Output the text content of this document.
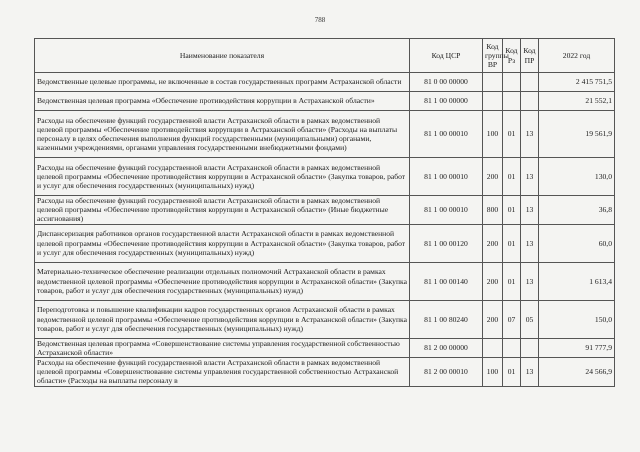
788
Наименование показателя	Код ЦСР	Код группы ВР	Код Рз	Код ПР	2022 год
Ведомственные целевые программы, не включенные в состав государственных программ Астраханской области	81 0 00 00000				2 415 751,5
Ведомственная целевая программа «Обеспечение противодействия коррупции в Астраханской области»	81 1 00 00000				21 552,1
Расходы на обеспечение функций государственной власти Астраханской области в рамках ведомственной целевой программы «Обеспечение противодействия коррупции в Астраханской области» (Расходы на выплаты персоналу в целях обеспечения выполнения функций государственными (муниципальными) органами, казенными учреждениями, органами управления государственными внебюджетными фондами)	81 1 00 00010	100	01	13	19 561,9
Расходы на обеспечение функций государственной власти Астраханской области в рамках ведомственной целевой программы «Обеспечение противодействия коррупции в Астраханской области» (Закупка товаров, работ и услуг для обеспечения государственных (муниципальных) нужд)	81 1 00 00010	200	01	13	130,0
Расходы на обеспечение функций государственной власти Астраханской области в рамках ведомственной целевой программы «Обеспечение противодействия коррупции в Астраханской области» (Иные бюджетные ассигнования)	81 1 00 00010	800	01	13	36,8
Диспансеризация работников органов государственной власти Астраханской области в рамках ведомственной целевой программы «Обеспечение противодействия коррупции в Астраханской области» (Закупка товаров, работ и услуг для обеспечения государственных (муниципальных) нужд)	81 1 00 00120	200	01	13	60,0
Материально-техническое обеспечение реализации отдельных полномочий Астраханской области в рамках ведомственной целевой программы «Обеспечение противодействия коррупции в Астраханской области» (Закупка товаров, работ и услуг для обеспечения государственных (муниципальных) нужд)	81 1 00 00140	200	01	13	1 613,4
Переподготовка и повышение квалификации кадров государственных органов Астраханской области в рамках ведомственной целевой программы «Обеспечение противодействия коррупции в Астраханской области» (Закупка товаров, работ и услуг для обеспечения государственных (муниципальных) нужд)	81 1 00 80240	200	07	05	150,0
Ведомственная целевая программа «Совершенствование системы управления государственной собственностью Астраханской области»	81 2 00 00000				91 777,9
Расходы на обеспечение функций государственной власти Астраханской области в рамках ведомственной целевой программы «Совершенствование системы управления государственной собственностью Астраханской области» (Расходы на выплаты персоналу в	81 2 00 00010	100	01	13	24 566,9
